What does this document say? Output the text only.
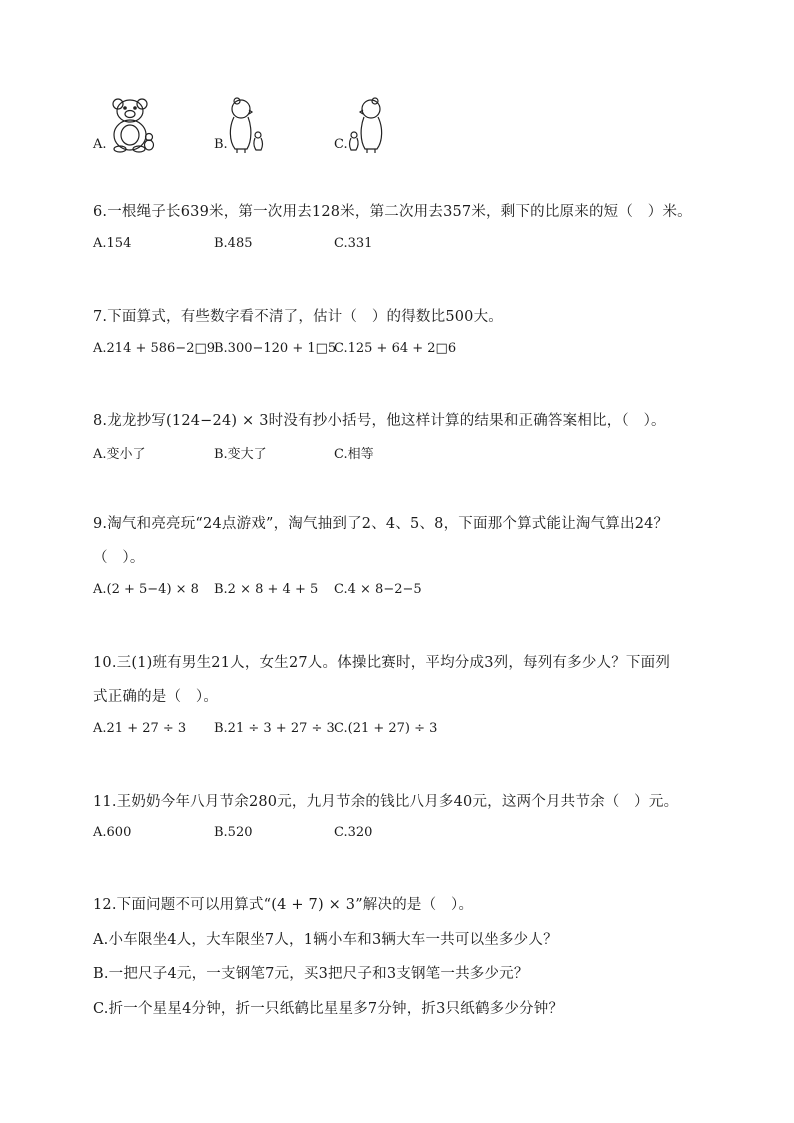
A.	B.	C.
6.一根绳子长639米，第一次用去128米，第二次用去357米，剩下的比原来的短（　）米。
A.154	B.485	C.331
7.下面算式，有些数字看不清了，估计（　）的得数比500大。
A.214 + 586−2□9
B.300−120 + 1□5
C.125 + 64 + 2□6
8.龙龙抄写(124−24) × 3时没有抄小括号，他这样计算的结果和正确答案相比，（　）。
A.变小了	B.变大了	C.相等
9.淘气和亮亮玩“24点游戏”，淘气抽到了2、4、5、8，下面那个算式能让淘气算出24？
（　）。
A.(2 + 5−4) × 8 B.2 × 8 + 4 + 5 C.4 × 8−2−5
10.三(1)班有男生21人，女生27人。体操比赛时，平均分成3列，每列有多少人？下面列
式正确的是（　）。
A.21 + 27 ÷ 3 B.21 ÷ 3 + 27 ÷ 3 C.(21 + 27) ÷ 3
11.王奶奶今年八月节余280元，九月节余的钱比八月多40元，这两个月共节余（　）元。
A.600	B.520	C.320
12.下面问题不可以用算式“(4 + 7) × 3”解决的是（　）。
A.小车限坐4人，大车限坐7人，1辆小车和3辆大车一共可以坐多少人？
B.一把尺子4元，一支钢笔7元，买3把尺子和3支钢笔一共多少元？
C.折一个星星4分钟，折一只纸鹤比星星多7分钟，折3只纸鹤多少分钟？
